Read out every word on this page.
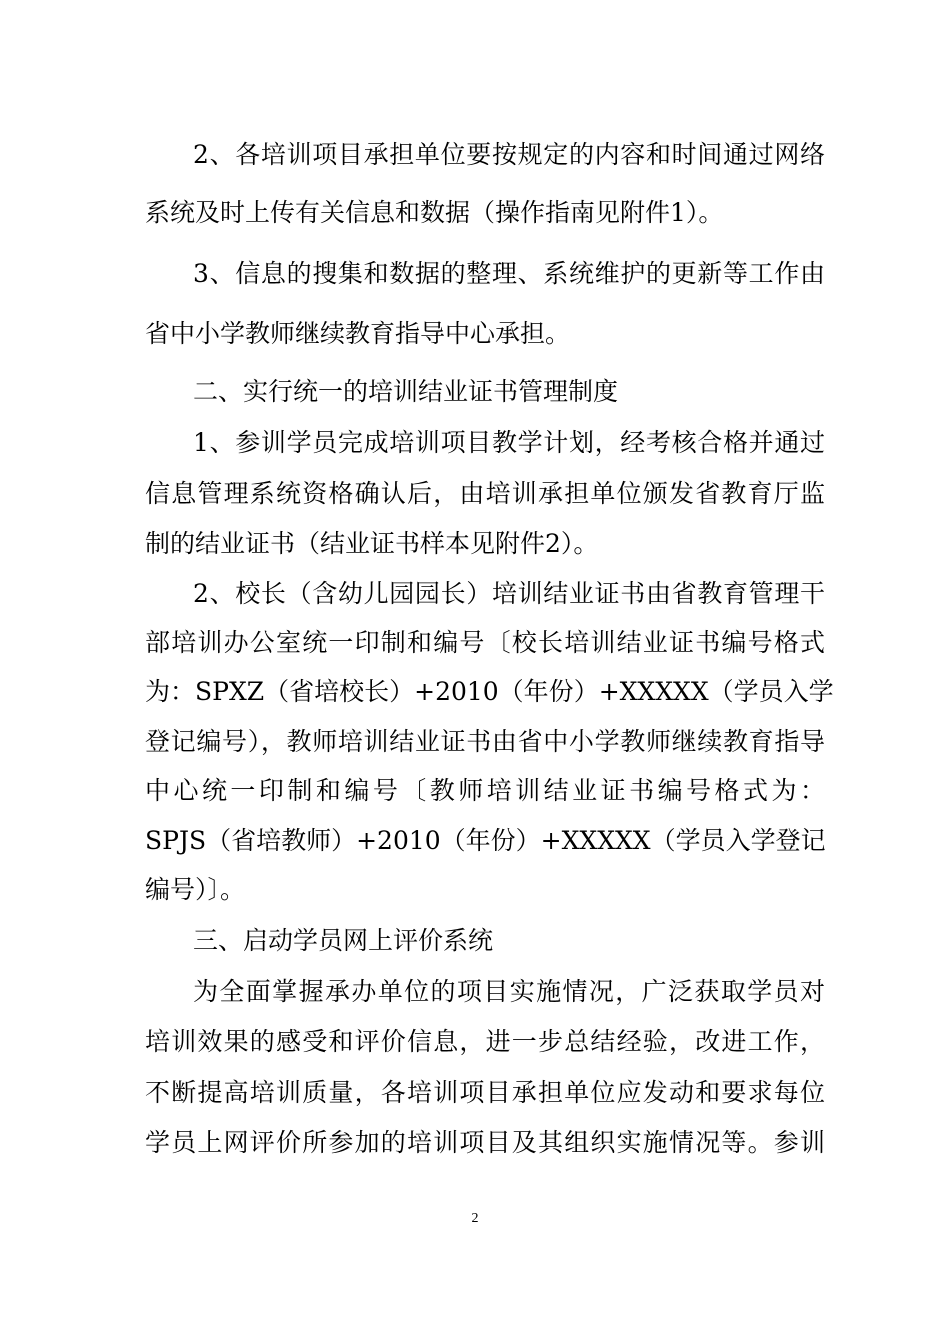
2、各培训项目承担单位要按规定的内容和时间通过网络
系统及时上传有关信息和数据（操作指南见附件1）。
3、信息的搜集和数据的整理、系统维护的更新等工作由
省中小学教师继续教育指导中心承担。
二、实行统一的培训结业证书管理制度
1、参训学员完成培训项目教学计划，经考核合格并通过
信息管理系统资格确认后，由培训承担单位颁发省教育厅监
制的结业证书（结业证书样本见附件2）。
2、校长（含幼儿园园长）培训结业证书由省教育管理干
部培训办公室统一印制和编号〔校长培训结业证书编号格式
为：SPXZ（省培校长）+2010（年份）+XXXXX（学员入学
登记编号），教师培训结业证书由省中小学教师继续教育指导
中心统一印制和编号〔教师培训结业证书编号格式为：
SPJS（省培教师）+2010（年份）+XXXXX（学员入学登记
编号）〕。
三、启动学员网上评价系统
为全面掌握承办单位的项目实施情况，广泛获取学员对
培训效果的感受和评价信息，进一步总结经验，改进工作，
不断提高培训质量，各培训项目承担单位应发动和要求每位
学员上网评价所参加的培训项目及其组织实施情况等。参训
2
